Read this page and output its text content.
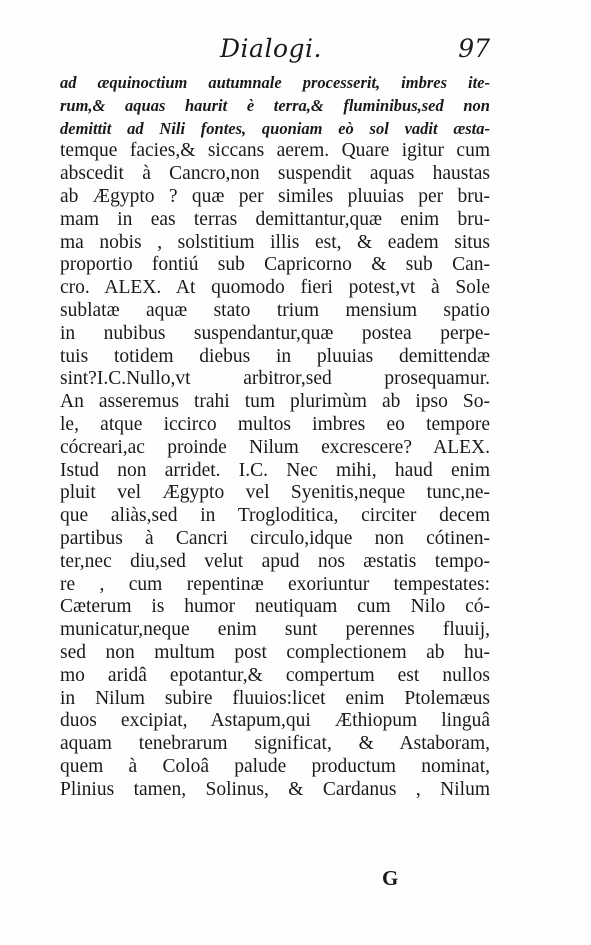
Dialogi.	97
ad æquinoctium autumnale processerit, imbres ite-
rum,& aquas haurit è terra,& fluminibus,sed non
demittit ad Nili fontes, quoniam eò sol vadit æsta-
temque facies,& siccans aerem. Quare igitur cum
abscedit à Cancro,non suspendit aquas haustas
ab Ægypto ? quæ per similes pluuias per bru-
mam in eas terras demittantur,quæ enim bru-
ma nobis , solstitium illis est, & eadem situs
proportio fontiú sub Capricorno & sub Can-
cro. ALEX. At quomodo fieri potest,vt à Sole
sublatæ aquæ stato trium mensium spatio
in nubibus suspendantur,quæ postea perpe-
tuis totidem diebus in pluuias demittendæ
sint?I.C.Nullo,vt arbitror,sed prosequamur.
An asseremus trahi tum plurimùm ab ipso So-
le, atque iccirco multos imbres eo tempore
cócreari,ac proinde Nilum excrescere? ALEX.
Istud non arridet. I.C. Nec mihi, haud enim
pluit vel Ægypto vel Syenitis,neque tunc,ne-
que aliàs,sed in Trogloditica, circiter decem
partibus à Cancri circulo,idque non cótinen-
ter,nec diu,sed velut apud nos æstatis tempo-
re , cum repentinæ exoriuntur tempestates:
Cæterum is humor neutiquam cum Nilo có-
municatur,neque enim sunt perennes fluuij,
sed non multum post complectionem ab hu-
mo aridâ epotantur,& compertum est nullos
in Nilum subire fluuios:licet enim Ptolemæus
duos excipiat, Astapum,qui Æthiopum linguâ
aquam tenebrarum significat, & Astaboram,
quem à Coloâ palude productum nominat,
Plinius tamen, Solinus, & Cardanus , Nilum
G
